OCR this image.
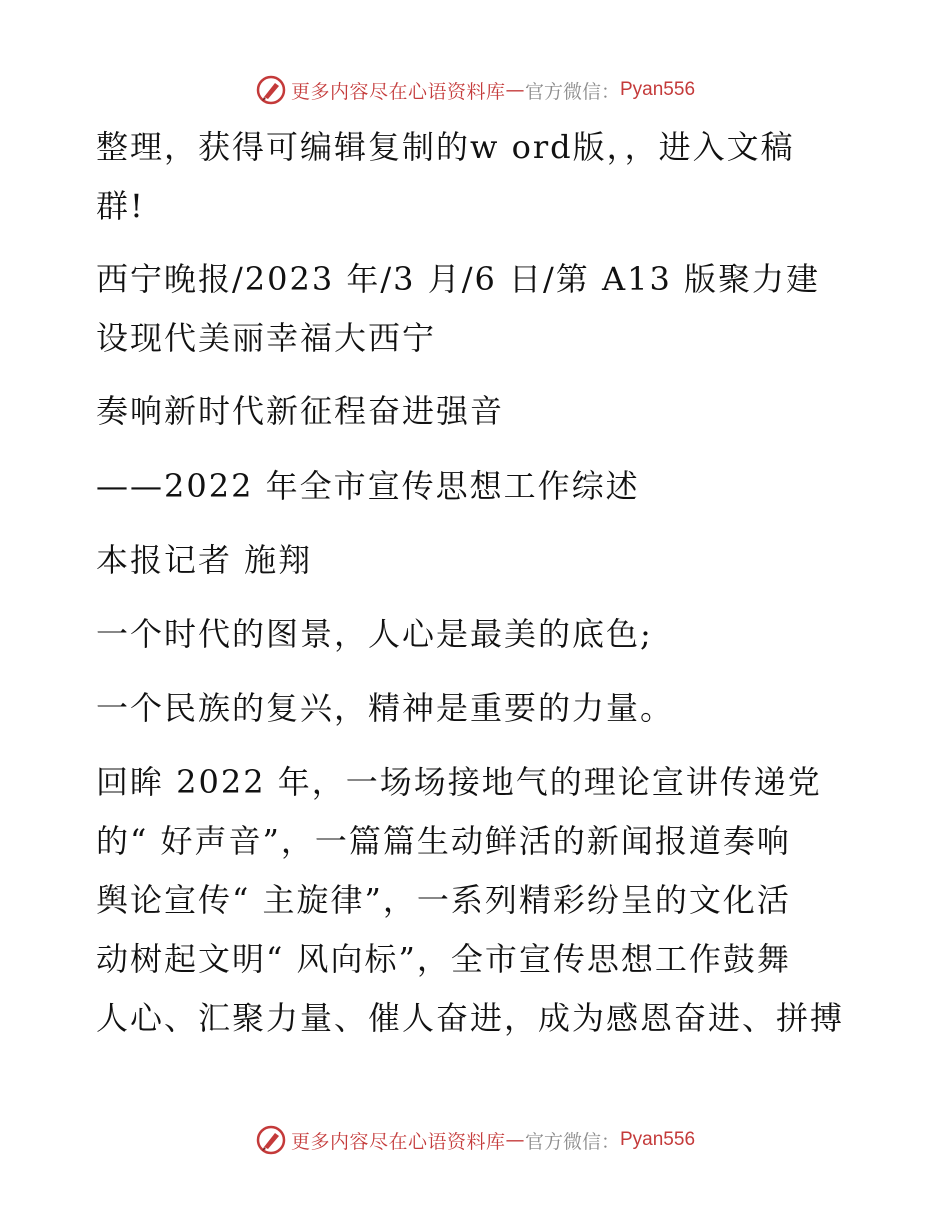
更多内容尽在心语资料库 — 官方微信： Pyan556
整理，获得可编辑复制的w ord版，，进入文稿
群!
西宁晚报/2023 年/3 月/6 日/第 A13 版聚力建
设现代美丽幸福大西宁
奏响新时代新征程奋进强音
——2022 年全市宣传思想工作综述
本报记者 施翔
一个时代的图景，人心是最美的底色;
一个民族的复兴，精神是重要的力量。
回眸 2022 年，一场场接地气的理论宣讲传递党
的“ 好声音”，一篇篇生动鲜活的新闻报道奏响
舆论宣传“ 主旋律”，一系列精彩纷呈的文化活
动树起文明“ 风向标”，全市宣传思想工作鼓舞
人心、汇聚力量、催人奋进，成为感恩奋进、拼搏
更多内容尽在心语资料库 — 官方微信： Pyan556
